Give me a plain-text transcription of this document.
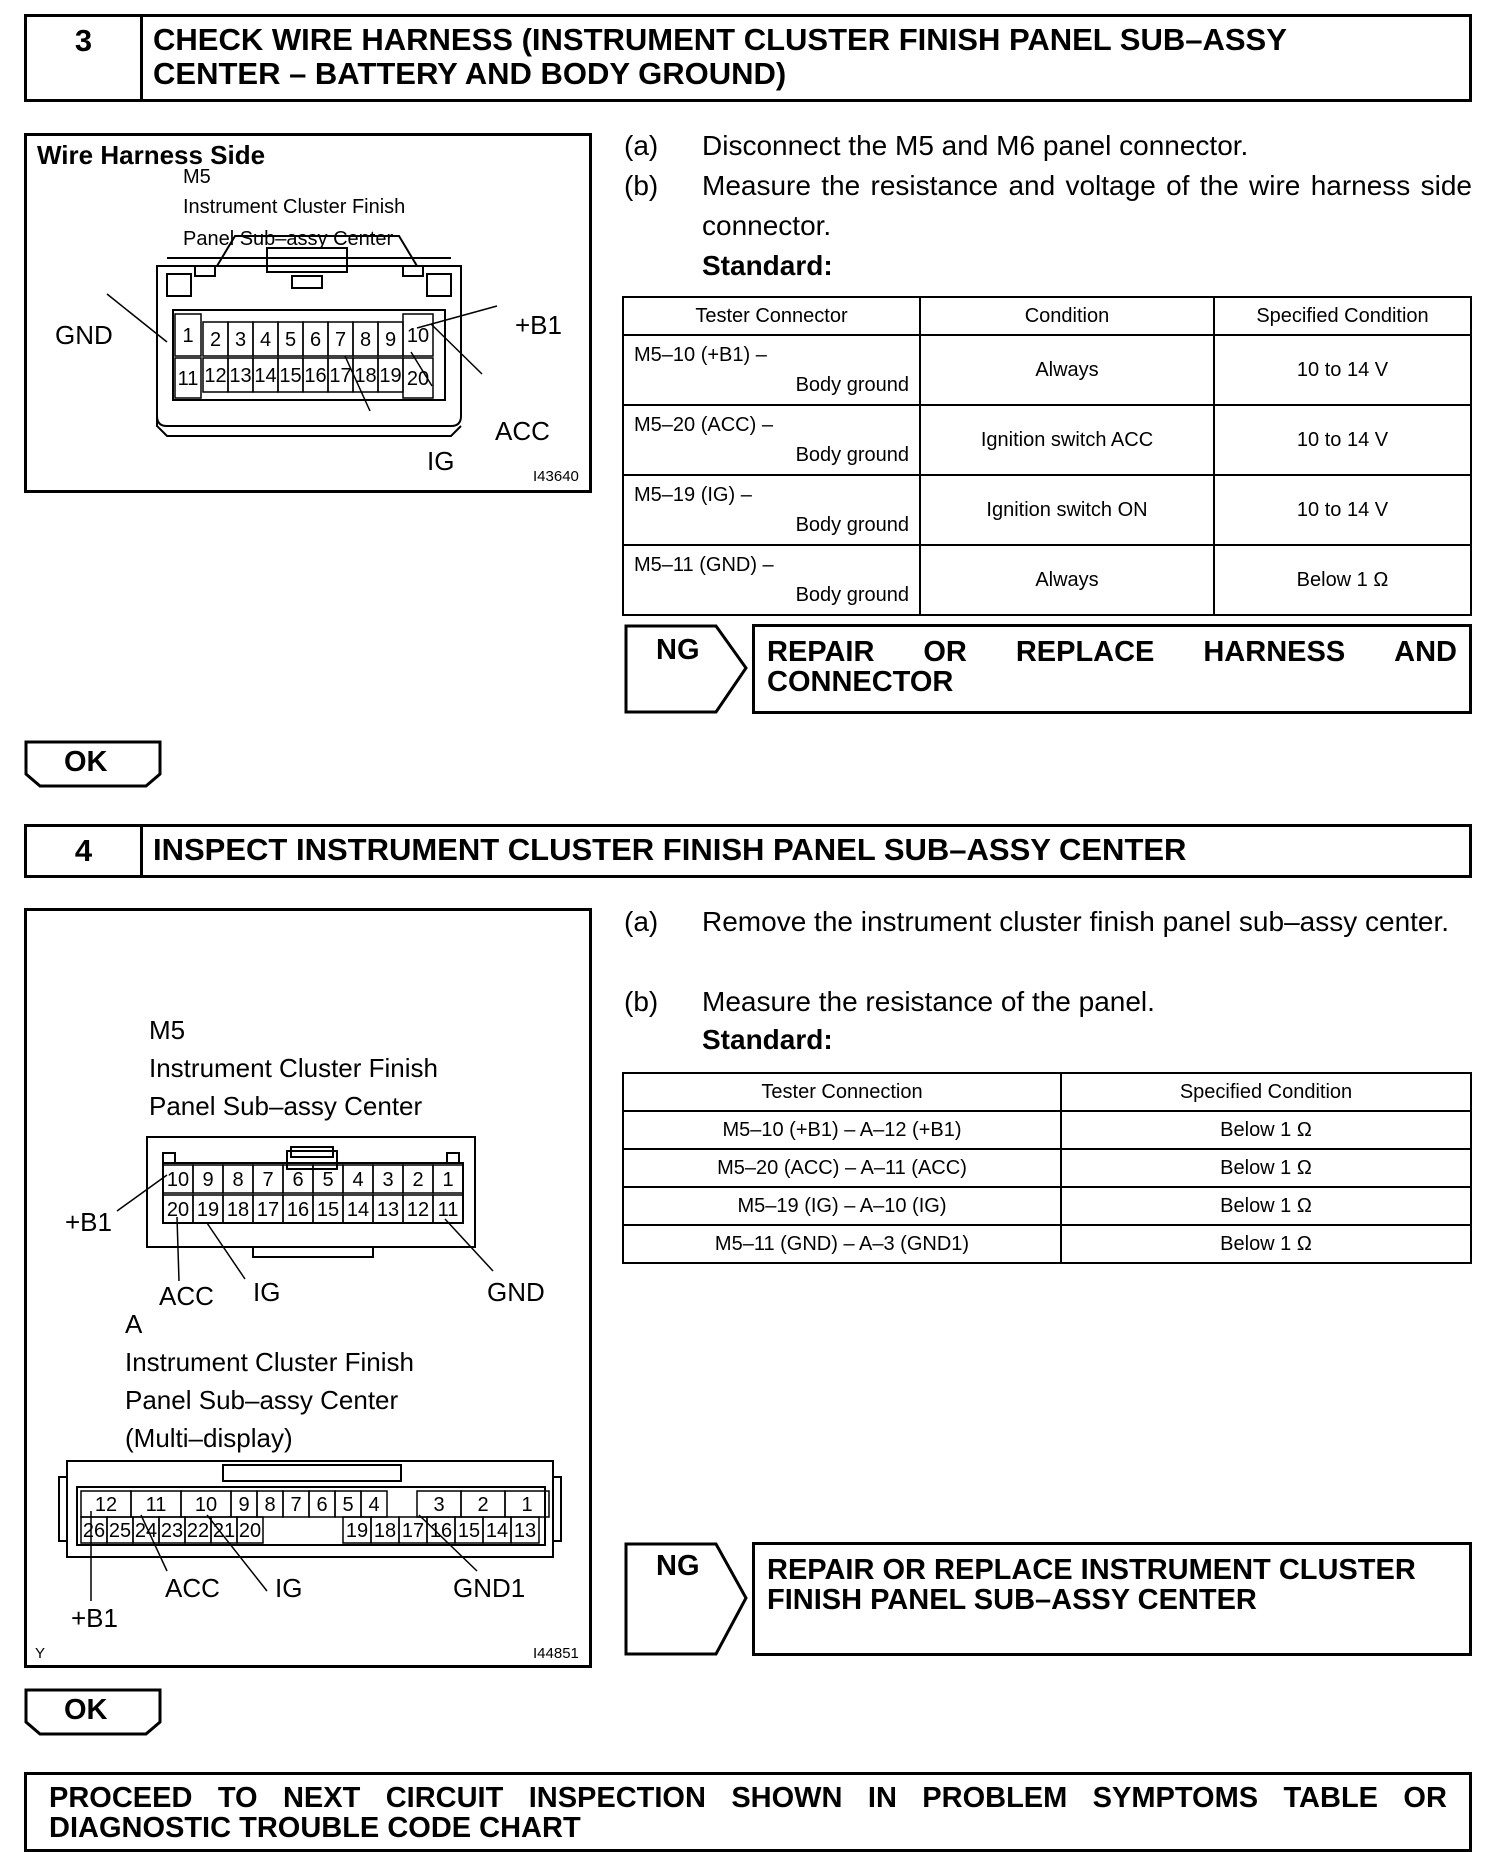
3	CHECK WIRE HARNESS (INSTRUMENT CLUSTER FINISH PANEL SUB–ASSY
CENTER – BATTERY AND BODY GROUND)
Wire Harness Side
M5
Instrument Cluster Finish
Panel Sub–assy Center
1 2 3 4 5 6 7 8 9 10
11 12 13 14 15 16 17 18 19 20
GND	+B1
ACC
IG
I43640
(a) Disconnect the M5 and M6 panel connector.
(b) Measure the resistance and voltage of the wire harness side connector.
Standard:
Tester Connector	Condition	Specified Condition

M5–10 (+B1) –
Body ground	Always	10 to 14 V

M5–20 (ACC) –
Body ground	Ignition switch ACC	10 to 14 V

M5–19 (IG) –
Body ground	Ignition switch ON	10 to 14 V

M5–11 (GND) –
Body ground	Always	Below 1 Ω
NG REPAIR OR REPLACE HARNESS AND
CONNECTOR
OK
4	INSPECT INSTRUMENT CLUSTER FINISH PANEL SUB–ASSY CENTER
M5
Instrument Cluster Finish
Panel Sub–assy Center
10 9 8 7 6 5 4 3 2 1
20 19 18 17 16 15 14 13 12 11
12 11 10 9 8 7 6 5 4	3 2 1
26 25 24 23 22 21 20	19 18 17 16 15 14 13
+B1
ACC IG	GND
A
Instrument Cluster Finish
Panel Sub–assy Center
(Multi–display)
+B1
ACC IG	GND1
Y	I44851
(a) Remove the instrument cluster finish panel sub–assy center.
(b) Measure the resistance of the panel.
Standard:
Tester Connection	Specified Condition
M5–10 (+B1) – A–12 (+B1)	Below 1 Ω
M5–20 (ACC) – A–11 (ACC)	Below 1 Ω
M5–19 (IG) – A–10 (IG)	Below 1 Ω
M5–11 (GND) – A–3 (GND1)	Below 1 Ω
NG REPAIR OR REPLACE INSTRUMENT CLUSTER
FINISH PANEL SUB–ASSY CENTER
OK
PROCEED TO NEXT CIRCUIT INSPECTION SHOWN IN PROBLEM SYMPTOMS TABLE OR
DIAGNOSTIC TROUBLE CODE CHART
